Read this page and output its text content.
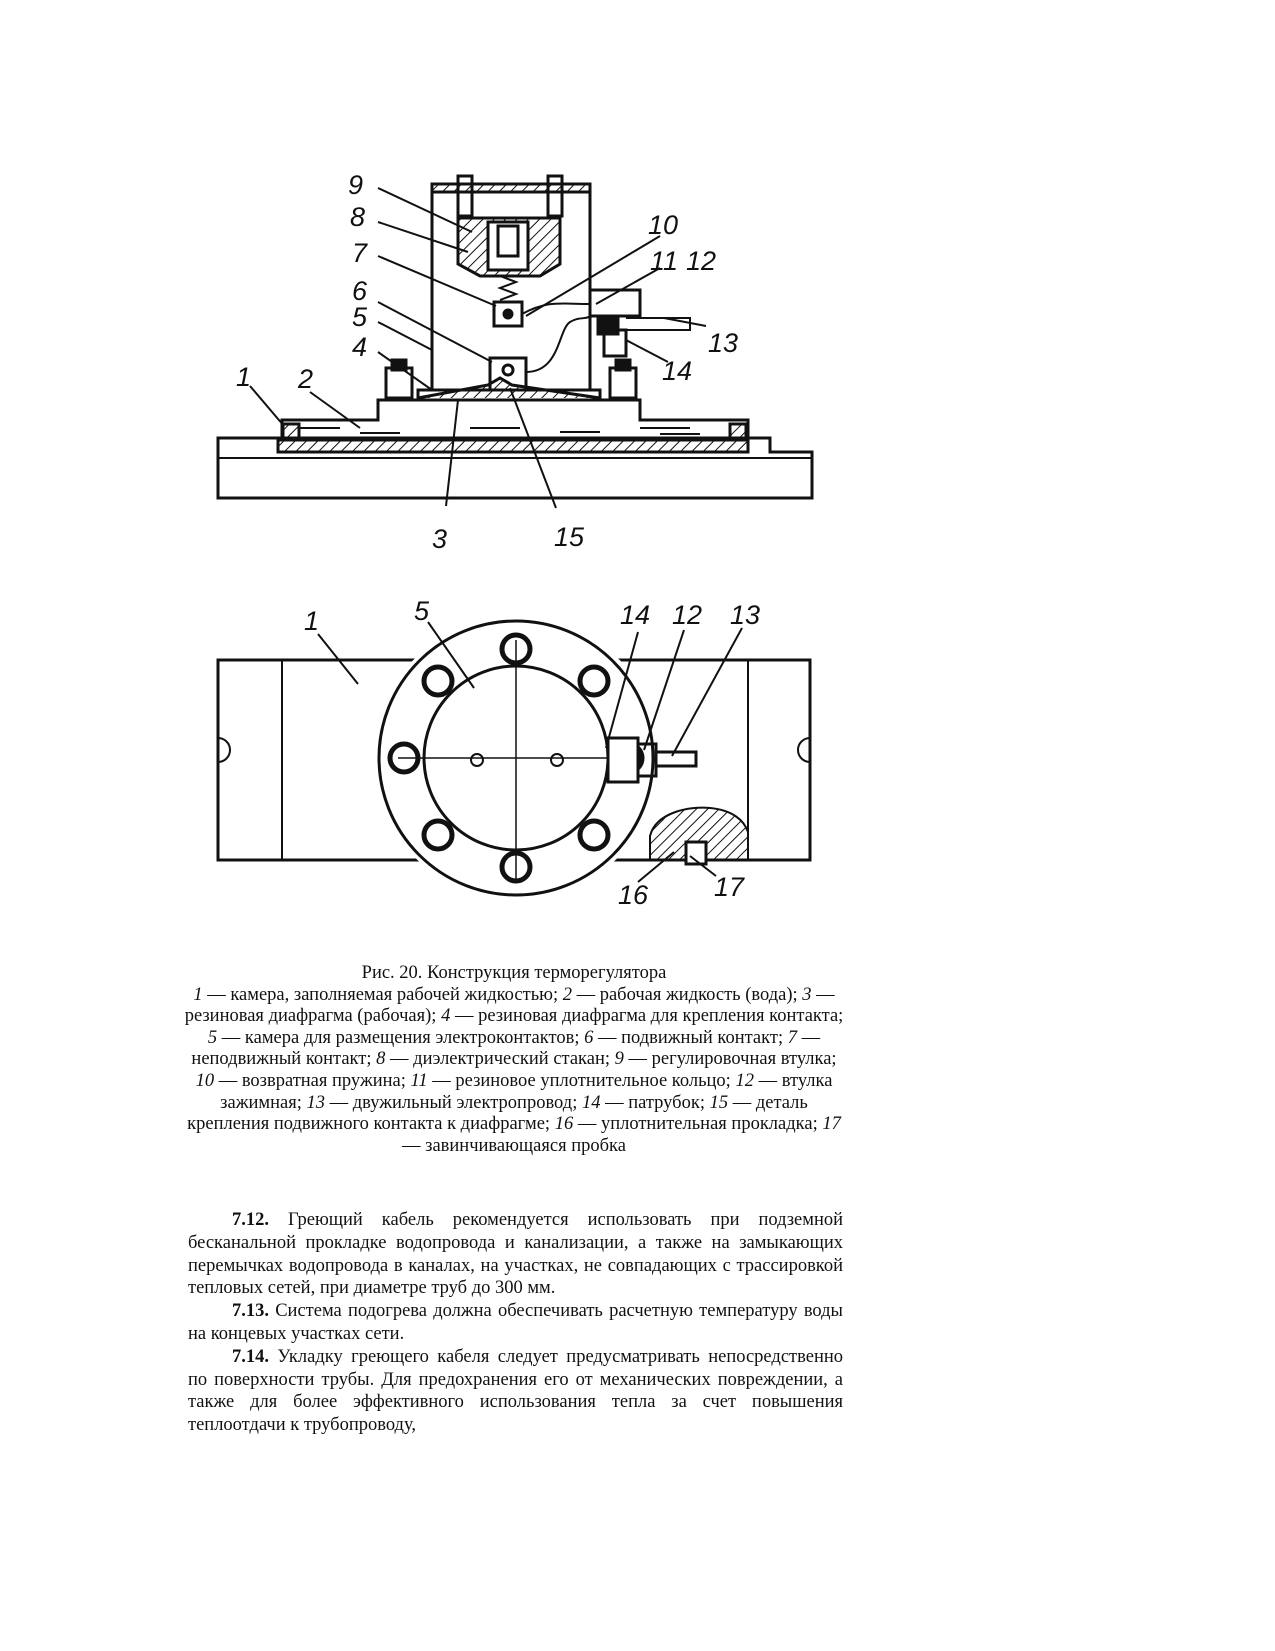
1 2
3
4
5
6
7
8
9
10
11 12
13
14
15
1	5	14 12 13
16 17

Рис. 20. Конструкция терморегулятора

1 — камера, заполняемая рабочей жидкостью; 2 — рабочая жидкость (вода); 3 — резиновая диафрагма (рабочая); 4 — резиновая диафрагма для крепления контакта; 5 — камера для размещения электроконтактов; 6 — подвижный контакт; 7 — неподвижный контакт; 8 — диэлектрический стакан; 9 — регулировочная втулка; 10 — возвратная пружина; 11 — резиновое уплотнительное кольцо; 12 — втулка зажимная; 13 — двужильный электропровод; 14 — патрубок; 15 — деталь крепления подвижного контакта к диафрагме; 16 — уплотнительная прокладка; 17 — завинчивающаяся пробка

7.12. Греющий кабель рекомендуется использовать при подземной бесканальной прокладке водопровода и канализации, а также на замыкающих перемычках водопровода в каналах, на участках, не совпадающих с трассировкой тепловых сетей, при диаметре труб до 300 мм.

7.13. Система подогрева должна обеспечивать расчетную температуру воды на концевых участках сети.

7.14. Укладку греющего кабеля следует предусматривать непосредственно по поверхности трубы. Для предохранения его от механических повреждении, а также для более эффективного использования тепла за счет повышения теплоотдачи к трубопроводу,
